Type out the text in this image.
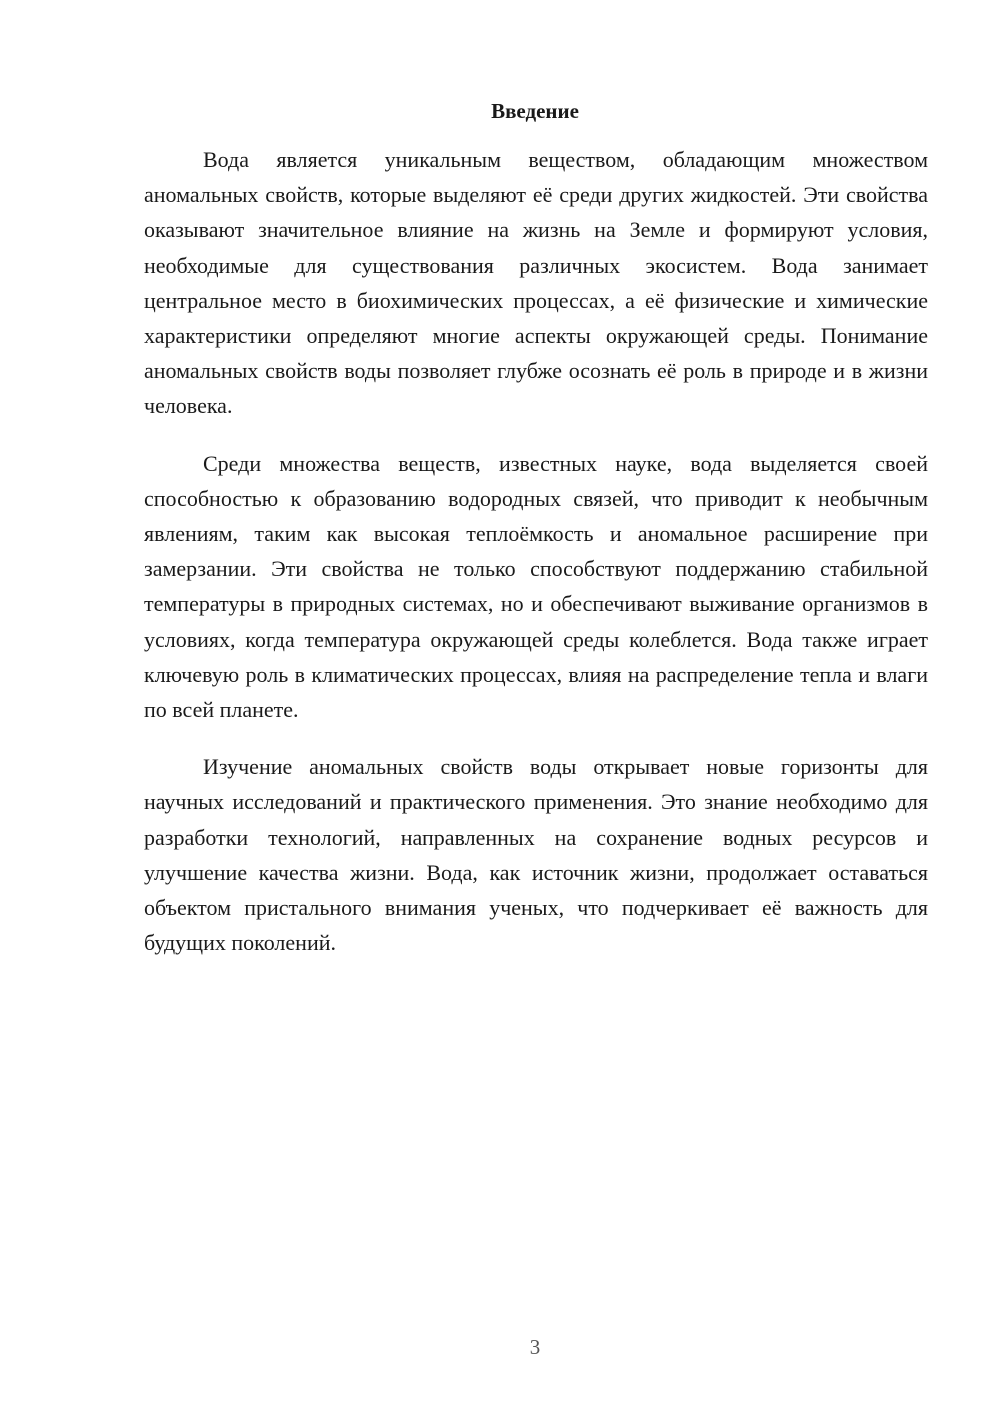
Введение

Вода является уникальным веществом, обладающим множеством аномальных свойств, которые выделяют её среди других жидкостей. Эти свойства оказывают значительное влияние на жизнь на Земле и формируют условия, необходимые для существования различных экосистем. Вода занимает центральное место в биохимических процессах, а её физические и химические характеристики определяют многие аспекты окружающей среды. Понимание аномальных свойств воды позволяет глубже осознать её роль в природе и в жизни человека.

Среди множества веществ, известных науке, вода выделяется своей способностью к образованию водородных связей, что приводит к необычным явлениям, таким как высокая теплоёмкость и аномальное расширение при замерзании. Эти свойства не только способствуют поддержанию стабильной температуры в природных системах, но и обеспечивают выживание организмов в условиях, когда температура окружающей среды колеблется. Вода также играет ключевую роль в климатических процессах, влияя на распределение тепла и влаги по всей планете.

Изучение аномальных свойств воды открывает новые горизонты для научных исследований и практического применения. Это знание необходимо для разработки технологий, направленных на сохранение водных ресурсов и улучшение качества жизни. Вода, как источник жизни, продолжает оставаться объектом пристального внимания ученых, что подчеркивает её важность для будущих поколений.

3
